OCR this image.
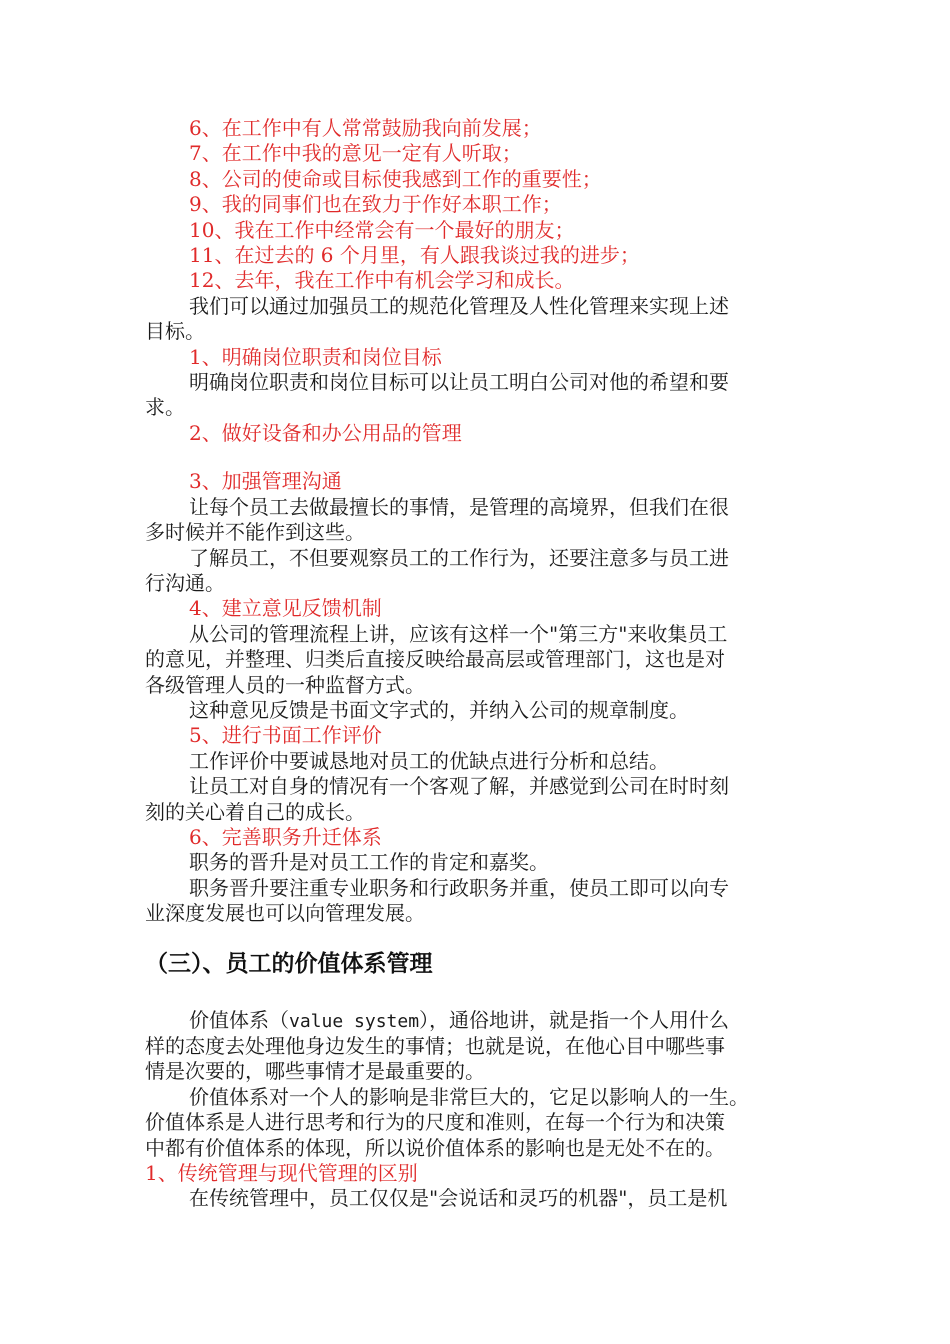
6、在工作中有人常常鼓励我向前发展；
7、在工作中我的意见一定有人听取；
8、公司的使命或目标使我感到工作的重要性；
9、我的同事们也在致力于作好本职工作；
10、我在工作中经常会有一个最好的朋友；
11、在过去的 6 个月里，有人跟我谈过我的进步；
12、去年，我在工作中有机会学习和成长。
我们可以通过加强员工的规范化管理及人性化管理来实现上述
目标。
1、明确岗位职责和岗位目标
明确岗位职责和岗位目标可以让员工明白公司对他的希望和要
求。
2、做好设备和办公用品的管理
3、加强管理沟通
让每个员工去做最擅长的事情，是管理的高境界，但我们在很
多时候并不能作到这些。
了解员工，不但要观察员工的工作行为，还要注意多与员工进
行沟通。
4、建立意见反馈机制
从公司的管理流程上讲，应该有这样一个"第三方"来收集员工
的意见，并整理、归类后直接反映给最高层或管理部门，这也是对
各级管理人员的一种监督方式。
这种意见反馈是书面文字式的，并纳入公司的规章制度。
5、进行书面工作评价
工作评价中要诚恳地对员工的优缺点进行分析和总结。
让员工对自身的情况有一个客观了解，并感觉到公司在时时刻
刻的关心着自己的成长。
6、完善职务升迁体系
职务的晋升是对员工工作的肯定和嘉奖。
职务晋升要注重专业职务和行政职务并重，使员工即可以向专
业深度发展也可以向管理发展。
（三）、员工的价值体系管理
价值体系（value system），通俗地讲，就是指一个人用什么
样的态度去处理他身边发生的事情；也就是说，在他心目中哪些事
情是次要的，哪些事情才是最重要的。
价值体系对一个人的影响是非常巨大的，它足以影响人的一生。
价值体系是人进行思考和行为的尺度和准则，在每一个行为和决策
中都有价值体系的体现，所以说价值体系的影响也是无处不在的。
1、传统管理与现代管理的区别
在传统管理中，员工仅仅是"会说话和灵巧的机器"，员工是机
